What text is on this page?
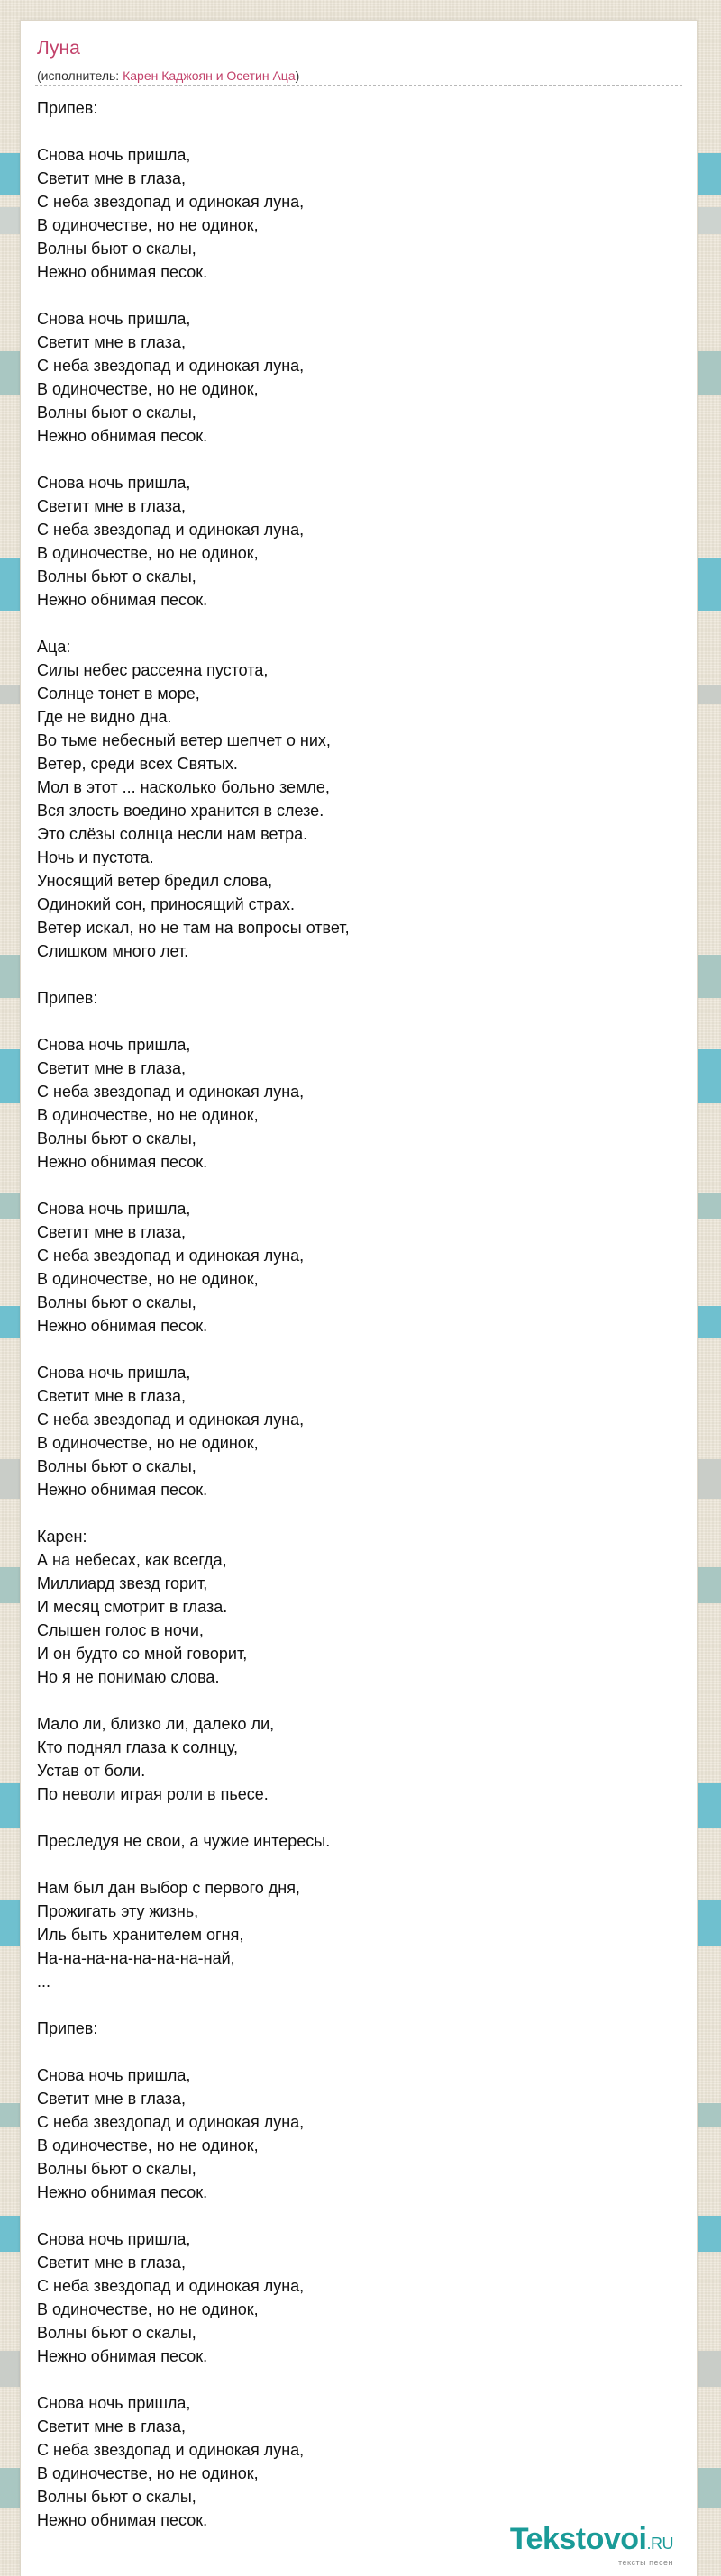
Луна
(исполнитель: Карен Каджоян и Осетин Аца)
Припев:

Снова ночь пришла,
Светит мне в глаза,
С неба звездопад и одинокая луна,
В одиночестве, но не одинок,
Волны бьют о скалы,
Нежно обнимая песок.

Снова ночь пришла,
Светит мне в глаза,
С неба звездопад и одинокая луна,
В одиночестве, но не одинок,
Волны бьют о скалы,
Нежно обнимая песок.

Снова ночь пришла,
Светит мне в глаза,
С неба звездопад и одинокая луна,
В одиночестве, но не одинок,
Волны бьют о скалы,
Нежно обнимая песок.

Аца:
Силы небес рассеяна пустота,
Солнце тонет в море,
Где не видно дна.
Во тьме небесный ветер шепчет о них,
Ветер, среди всех Святых.
Мол в этот ... насколько больно земле,
Вся злость воедино хранится в слезе.
Это слёзы солнца несли нам ветра.
Ночь и пустота.
Уносящий ветер бредил слова,
Одинокий сон, приносящий страх.
Ветер искал, но не там на вопросы ответ,
Слишком много лет.

Припев:

Снова ночь пришла,
Светит мне в глаза,
С неба звездопад и одинокая луна,
В одиночестве, но не одинок,
Волны бьют о скалы,
Нежно обнимая песок.

Снова ночь пришла,
Светит мне в глаза,
С неба звездопад и одинокая луна,
В одиночестве, но не одинок,
Волны бьют о скалы,
Нежно обнимая песок.

Снова ночь пришла,
Светит мне в глаза,
С неба звездопад и одинокая луна,
В одиночестве, но не одинок,
Волны бьют о скалы,
Нежно обнимая песок.

Карен:
А на небесах, как всегда,
Миллиард звезд горит,
И месяц смотрит в глаза.
Слышен голос в ночи,
И он будто со мной говорит,
Но я не понимаю слова.

Мало ли, близко ли, далеко ли,
Кто поднял глаза к солнцу,
Устав от боли.
По неволи играя роли в пьесе.

Преследуя не свои, а чужие интересы.

Нам был дан выбор с первого дня,
Прожигать эту жизнь,
Иль быть хранителем огня,
На-на-на-на-на-на-на-най,
...

Припев:

Снова ночь пришла,
Светит мне в глаза,
С неба звездопад и одинокая луна,
В одиночестве, но не одинок,
Волны бьют о скалы,
Нежно обнимая песок.

Снова ночь пришла,
Светит мне в глаза,
С неба звездопад и одинокая луна,
В одиночестве, но не одинок,
Волны бьют о скалы,
Нежно обнимая песок.

Снова ночь пришла,
Светит мне в глаза,
С неба звездопад и одинокая луна,
В одиночестве, но не одинок,
Волны бьют о скалы,
Нежно обнимая песок.
Tekstovoi.RU
тексты песен
